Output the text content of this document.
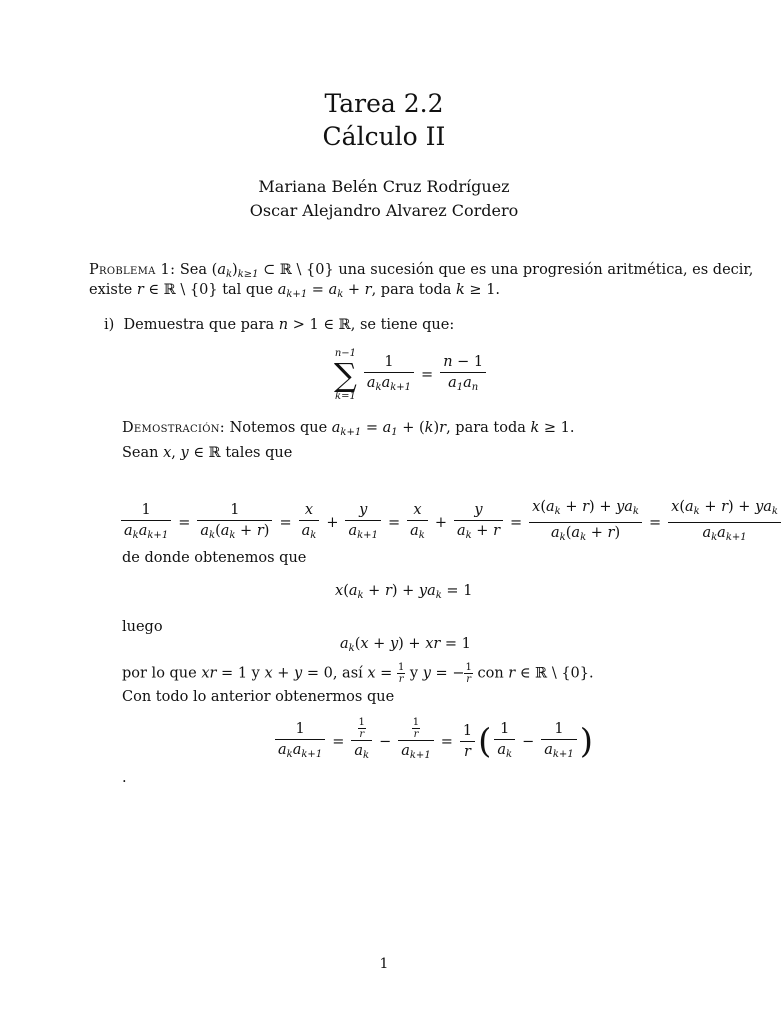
Tarea 2.2
Cálculo II
Mariana Belén Cruz Rodríguez
Oscar Alejandro Alvarez Cordero
Problema 1: Sea $(a_k)_{k\ge 1}$ ⊂ ℝ \ {0} una sucesión que es una progresión aritmética, es decir,
existe r ∈ ℝ \ {0} tal que $a_{k+1} = a_k + r$, para toda k ≥ 1.
i)  Demuestra que para n > 1 ∈ ℝ, se tiene que:
n−1
∑
$k=1 \frac{1}{a_ka_{k+1}} = \frac{n - 1}{a_1a_n}$
Demostración: Notemos que $a_{k+1} = a_1 + (k)r$, para toda k ≥ 1.
Sean x, y ∈ ℝ tales que
$\frac{1}{a_ka_{k+1}} = \frac{1}{a_k(a_k + r)} = \frac{x}{a_k} + \frac{y}{a_{k+1}} = \frac{x}{a_k} + \frac{y}{a_k + r} = \frac{x(a_k + r) + ya_k}{a_k(a_k + r)} = \frac{x(a_k + r) + ya_k}{a_ka_{k+1}}$
de donde obtenemos que
$x(a_k + r) + ya_k = 1$
luego
$a_k(x + y)$ + xr = 1
por lo que xr = 1 y x + y = 0, así $x = \frac{1}{r}$ y y = − $\frac{1}{r}$ con r ∈ ℝ \ {0}.
Con todo lo anterior obtenermos que
$\frac{1}{a_ka_{k+1}} = \frac{\frac{1}{r}}{a_k} - \frac{\frac{1}{r}}{a_{k+1}} = \frac{1}{r}$ ( $\frac{1}{a_k} - \frac{1}{a_{k+1}}$ )
.
1
